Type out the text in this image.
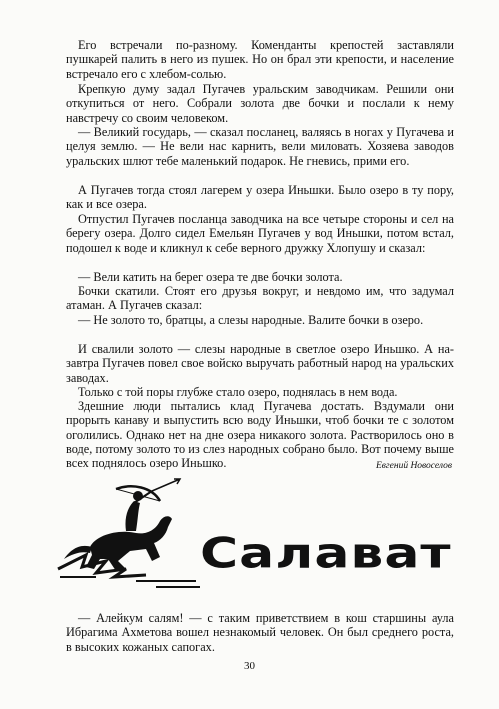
Его встречали по-разному. Коменданты крепостей заставляли пушкарей палить в него из пушек. Но он брал эти крепости, и население встречало его с хлебом-солью.

Крепкую думу задал Пугачев уральским заводчикам. Решили они откупиться от него. Собрали золота две бочки и послали к нему навстречу со своим человеком.

— Великий государь, — сказал посланец, валяясь в ногах у Пугачева и целуя землю. — Не вели нас карнить, вели миловать. Хозяева заводов уральских шлют тебе маленький подарок. Не гневись, прими его.

А Пугачев тогда стоял лагерем у озера Иньшки. Было озеро в ту пору, как и все озера.

Отпустил Пугачев посланца заводчика на все четыре стороны и сел на берегу озера. Долго сидел Емельян Пугачев у вод Иньшки, потом встал, подошел к воде и кликнул к себе верного дружку Хлопушу и сказал:

— Вели катить на берег озера те две бочки золота.

Бочки скатили. Стоят его друзья вокруг, и невдомо им, что задумал атаман. А Пугачев сказал:

— Не золото то, братцы, а слезы народные. Валите бочки в озеро.

И свалили золото — слезы народные в светлое озеро Иньшко. А на-завтра Пугачев повел свое войско выручать работный народ на уральских заводах.

Только с той поры глубже стало озеро, поднялась в нем вода.

Здешние люди пытались клад Пугачева достать. Вздумали они прорыть канаву и выпустить всю воду Иньшки, чтоб бочки те с золотом оголились. Однако нет на дне озера никакого золота. Растворилось оно в воде, потому золото то из слез народных собрано было. Вот почему выше всех поднялось озеро Иньшко.	Евгений Новоселов
Салават

— Алейкум салям! — с таким приветствием в кош старшины аула Ибрагима Ахметова вошел незнакомый человек. Он был среднего роста, в высоких кожаных сапогах.

30
